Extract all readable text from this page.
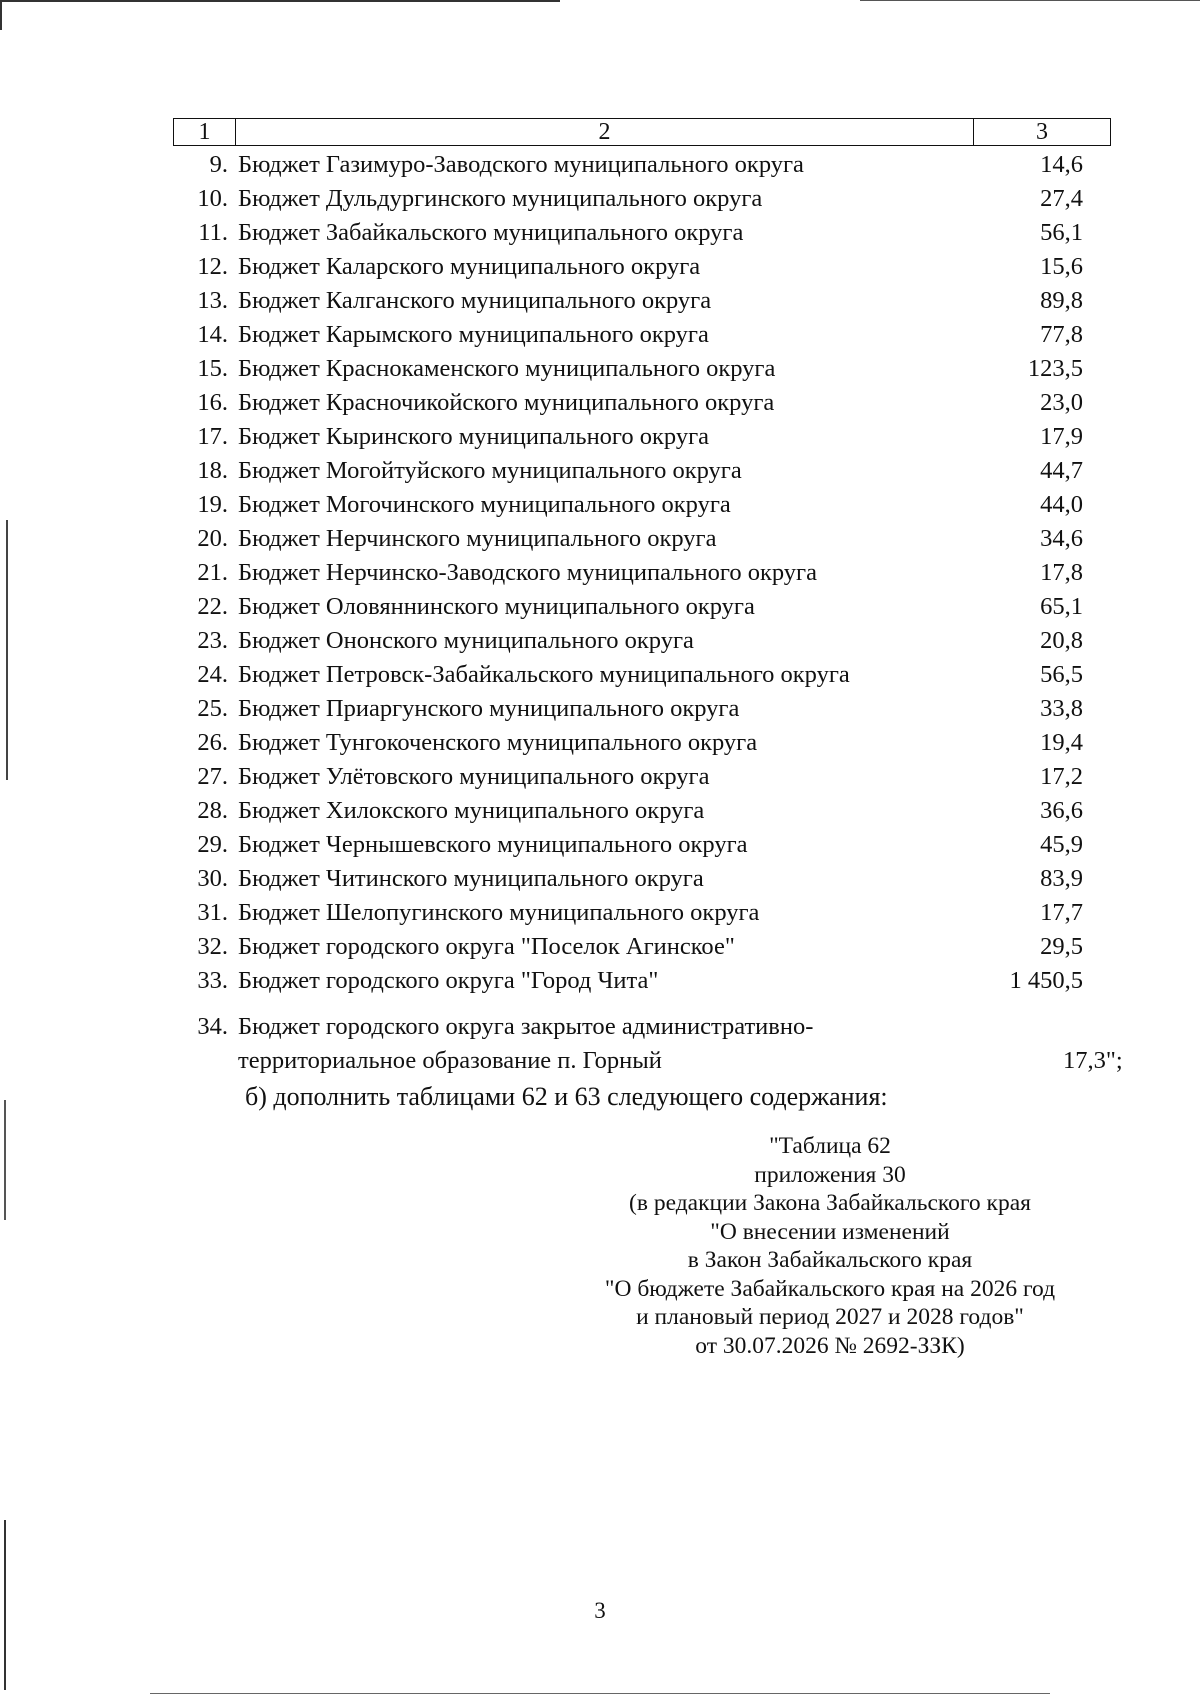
1	2	3
9. Бюджет Газимуро-Заводского муниципального округа	14,6
10. Бюджет Дульдургинского муниципального округа	27,4
11. Бюджет Забайкальского муниципального округа	56,1
12. Бюджет Каларского муниципального округа	15,6
13. Бюджет Калганского муниципального округа	89,8
14. Бюджет Карымского муниципального округа	77,8
15. Бюджет Краснокаменского муниципального округа	123,5
16. Бюджет Красночикойского муниципального округа	23,0
17. Бюджет Кыринского муниципального округа	17,9
18. Бюджет Могойтуйского муниципального округа	44,7
19. Бюджет Могочинского муниципального округа	44,0
20. Бюджет Нерчинского муниципального округа	34,6
21. Бюджет Нерчинско-Заводского муниципального округа	17,8
22. Бюджет Оловяннинского муниципального округа	65,1
23. Бюджет Ононского муниципального округа	20,8
24. Бюджет Петровск-Забайкальского муниципального округа	56,5
25. Бюджет Приаргунского муниципального округа	33,8
26. Бюджет Тунгокоченского муниципального округа	19,4
27. Бюджет Улётовского муниципального округа	17,2
28. Бюджет Хилокского муниципального округа	36,6
29. Бюджет Чернышевского муниципального округа	45,9
30. Бюджет Читинского муниципального округа	83,9
31. Бюджет Шелопугинского муниципального округа	17,7
32. Бюджет городского округа "Поселок Агинское"	29,5
33. Бюджет городского округа "Город Чита"	1 450,5
34. Бюджет городского округа закрытое административно-
территориальное образование п. Горный	17,3";
б) дополнить таблицами 62 и 63 следующего содержания:
"Таблица 62
приложения 30
(в редакции Закона Забайкальского края
"О внесении изменений
в Закон Забайкальского края
"О бюджете Забайкальского края на 2026 год
и плановый период 2027 и 2028 годов"
от 30.07.2026 № 2692-ЗЗК)
3
